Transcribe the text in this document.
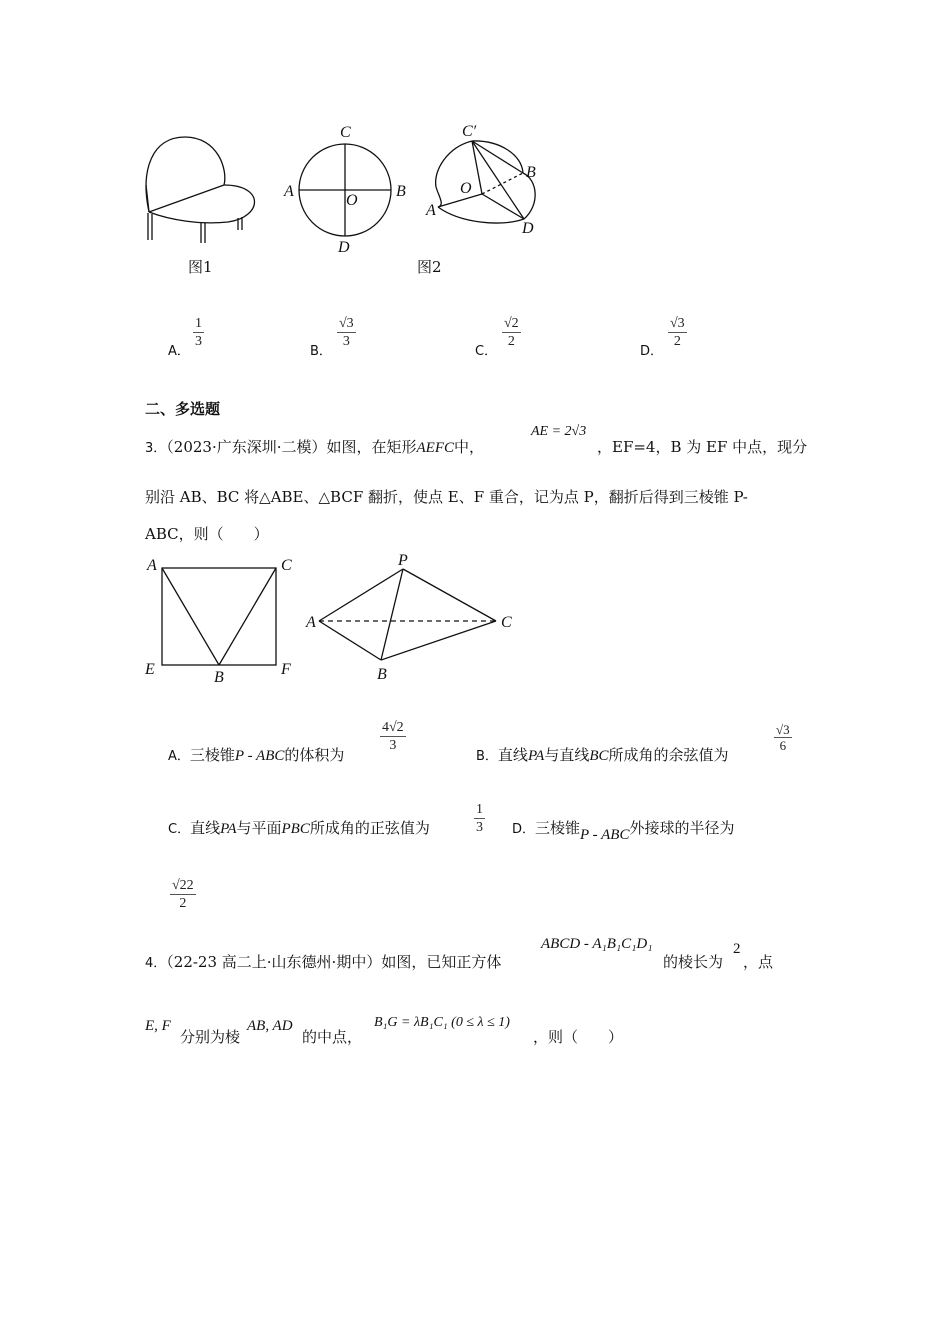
图1
C
A	B
O
D
C′
A
B
O
D
图2
A．
$\frac{1}{3}$
B．
$\frac{√3}{3}$
C．
$\frac{√2}{2}$
D．
$\frac{√3}{2}$
二、多选题
3．（2023·广东深圳·二模）如图，在矩形AEFC中，
AE = 2√3
，EF=4，B 为 EF 中点，现分
别沿 AB、BC 将△ABE、△BCF 翻折，使点 E、F 重合，记为点 P，翻折后得到三棱锥 P-
ABC，则（　　）
A	C
E	F
B
P
A	C
B
A．三棱锥P - ABC的体积为
$\frac{4√2}{3}$
B．直线PA与直线BC所成角的余弦值为
$\frac{√3}{6}$
C．直线PA与平面PBC所成角的正弦值为	$\frac{1}{3}$ D．三棱锥P - ABC外接球的半径为
$\frac{√22}{2}$
4．（22-23 高二上·山东德州·期中）如图，已知正方体
ABCD - A₁B₁C₁D₁
的棱长为
2
，点
E, F
分别为棱
AB, AD
的中点，
B₁G = λB₁C₁ (0 ≤ λ ≤ 1)
，则（　　）
